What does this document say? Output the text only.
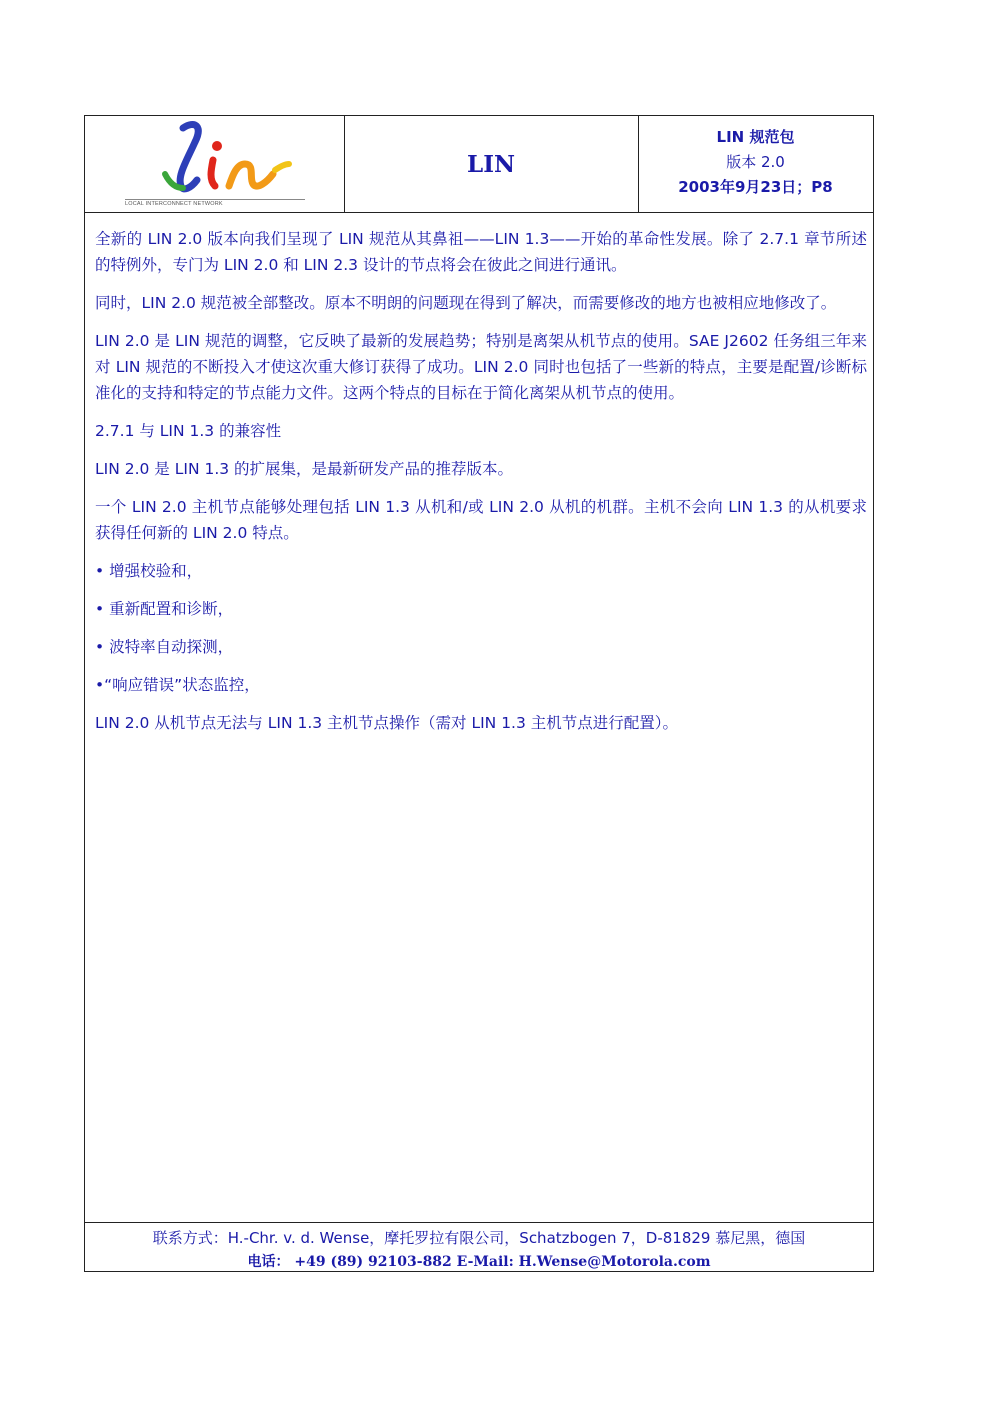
LOCAL INTERCONNECT NETWORK
LIN
LIN 规范包
版本 2.0
2003年9月23日；P8

全新的 LIN 2.0 版本向我们呈现了 LIN 规范从其鼻祖——LIN 1.3——开始的革命性发展。除了 2.7.1 章节所述的特例外，专门为 LIN 2.0 和 LIN 2.3 设计的节点将会在彼此之间进行通讯。

同时，LIN 2.0 规范被全部整改。原本不明朗的问题现在得到了解决，而需要修改的地方也被相应地修改了。

LIN 2.0 是 LIN 规范的调整，它反映了最新的发展趋势；特别是离架从机节点的使用。SAE J2602 任务组三年来对 LIN 规范的不断投入才使这次重大修订获得了成功。LIN 2.0 同时也包括了一些新的特点，主要是配置/诊断标准化的支持和特定的节点能力文件。这两个特点的目标在于简化离架从机节点的使用。

2.7.1 与 LIN 1.3 的兼容性

LIN 2.0 是 LIN 1.3 的扩展集，是最新研发产品的推荐版本。

一个 LIN 2.0 主机节点能够处理包括 LIN 1.3 从机和/或 LIN 2.0 从机的机群。主机不会向 LIN 1.3 的从机要求获得任何新的 LIN 2.0 特点。

• 增强校验和，
• 重新配置和诊断，
• 波特率自动探测，
•“响应错误”状态监控，

LIN 2.0 从机节点无法与 LIN 1.3 主机节点操作（需对 LIN 1.3 主机节点进行配置）。

联系方式：H.-Chr. v. d. Wense，摩托罗拉有限公司，Schatzbogen 7，D-81829 慕尼黑，德国
电话： +49 (89) 92103-882 E-Mail: H.Wense@Motorola.com
